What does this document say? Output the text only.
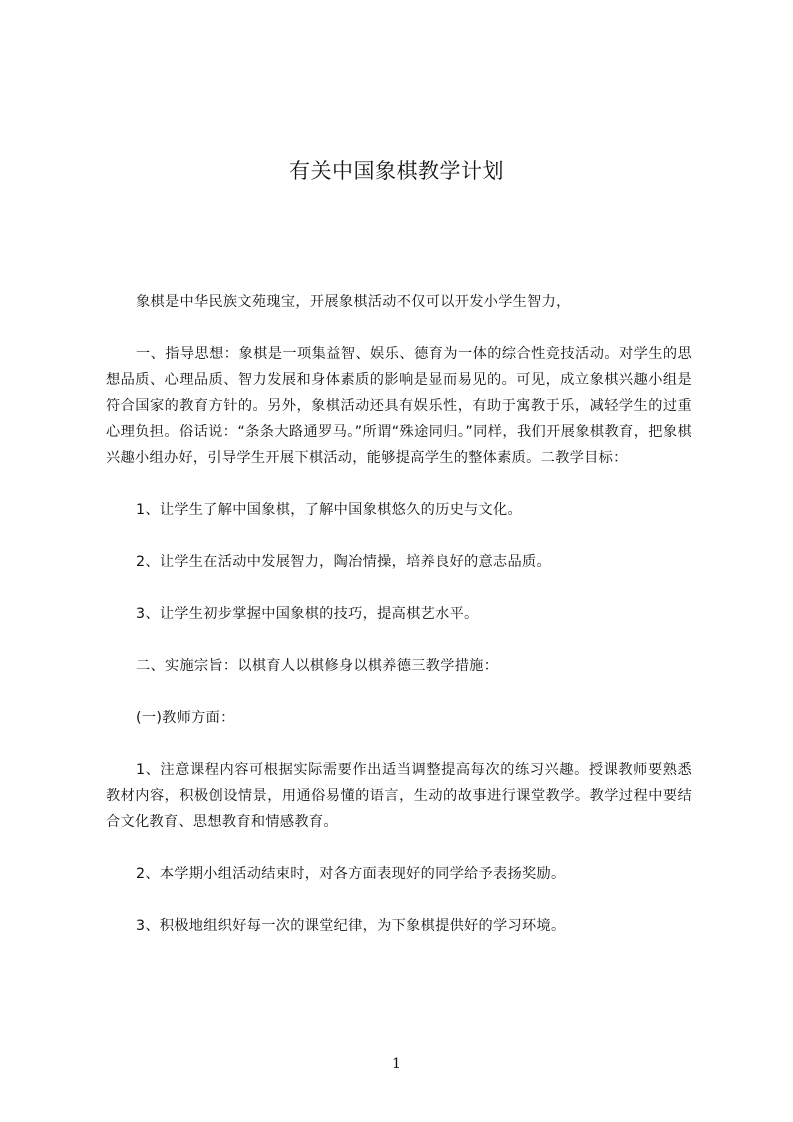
有关中国象棋教学计划

象棋是中华民族文苑瑰宝，开展象棋活动不仅可以开发小学生智力，

一、指导思想：象棋是一项集益智、娱乐、德育为一体的综合性竞技活动。对学生的思想品质、心理品质、智力发展和身体素质的影响是显而易见的。可见，成立象棋兴趣小组是符合国家的教育方针的。另外，象棋活动还具有娱乐性，有助于寓教于乐，减轻学生的过重心理负担。俗话说：“条条大路通罗马。”所谓“殊途同归。”同样，我们开展象棋教育，把象棋兴趣小组办好，引导学生开展下棋活动，能够提高学生的整体素质。二教学目标：

1、让学生了解中国象棋，了解中国象棋悠久的历史与文化。

2、让学生在活动中发展智力，陶冶情操，培养良好的意志品质。

3、让学生初步掌握中国象棋的技巧，提高棋艺水平。

二、实施宗旨：以棋育人以棋修身以棋养德三教学措施：

(一)教师方面：

1、注意课程内容可根据实际需要作出适当调整提高每次的练习兴趣。授课教师要熟悉教材内容，积极创设情景，用通俗易懂的语言，生动的故事进行课堂教学。教学过程中要结合文化教育、思想教育和情感教育。

2、本学期小组活动结束时，对各方面表现好的同学给予表扬奖励。

3、积极地组织好每一次的课堂纪律，为下象棋提供好的学习环境。

1
